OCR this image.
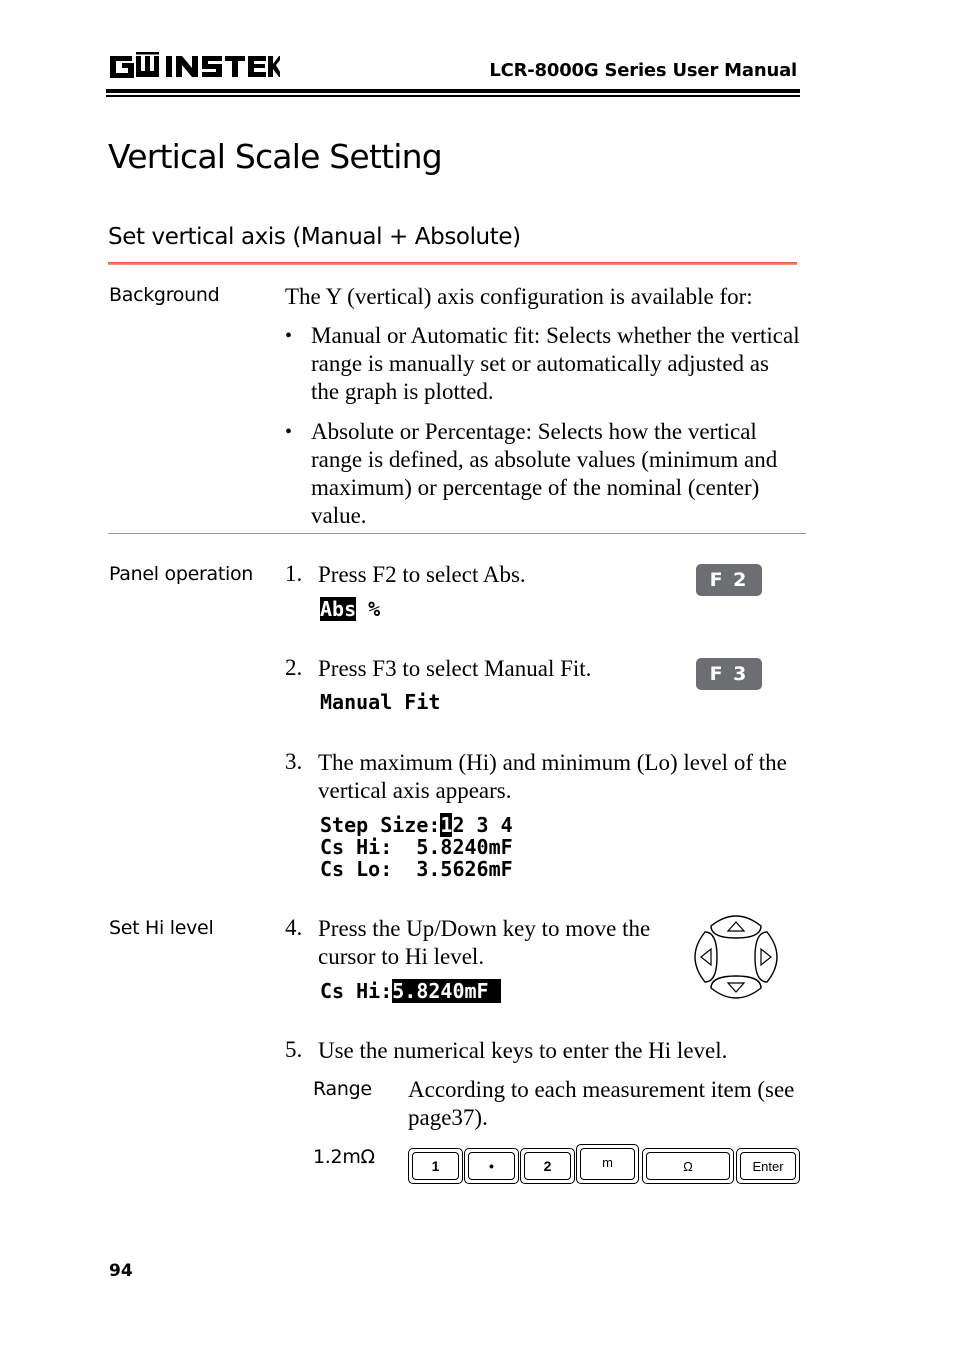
LCR-8000G Series User Manual
Vertical Scale Setting
Set vertical axis (Manual + Absolute)
Background	The Y (vertical) axis configuration is available for:
• Manual or Automatic fit: Selects whether the vertical range is manually set or automatically adjusted as the graph is plotted.
• Absolute or Percentage: Selects how the vertical range is defined, as absolute values (minimum and maximum) or percentage of the nominal (center) value.
Panel operation 1. Press F2 to select Abs.	F 2
Abs %
2. Press F3 to select Manual Fit.	F 3
Manual Fit
3. The maximum (Hi) and minimum (Lo) level of the vertical axis appears.
Step Size:12 3 4
Cs Hi:  5.8240mF
Cs Lo:  3.5626mF
Set Hi level	4. Press the Up/Down key to move the cursor to Hi level.
Cs Hi:5.8240mF
5. Use the numerical keys to enter the Hi level.
Range According to each measurement item (see page37).
1.2mΩ	1	•	2	m	Ω	Enter
94
